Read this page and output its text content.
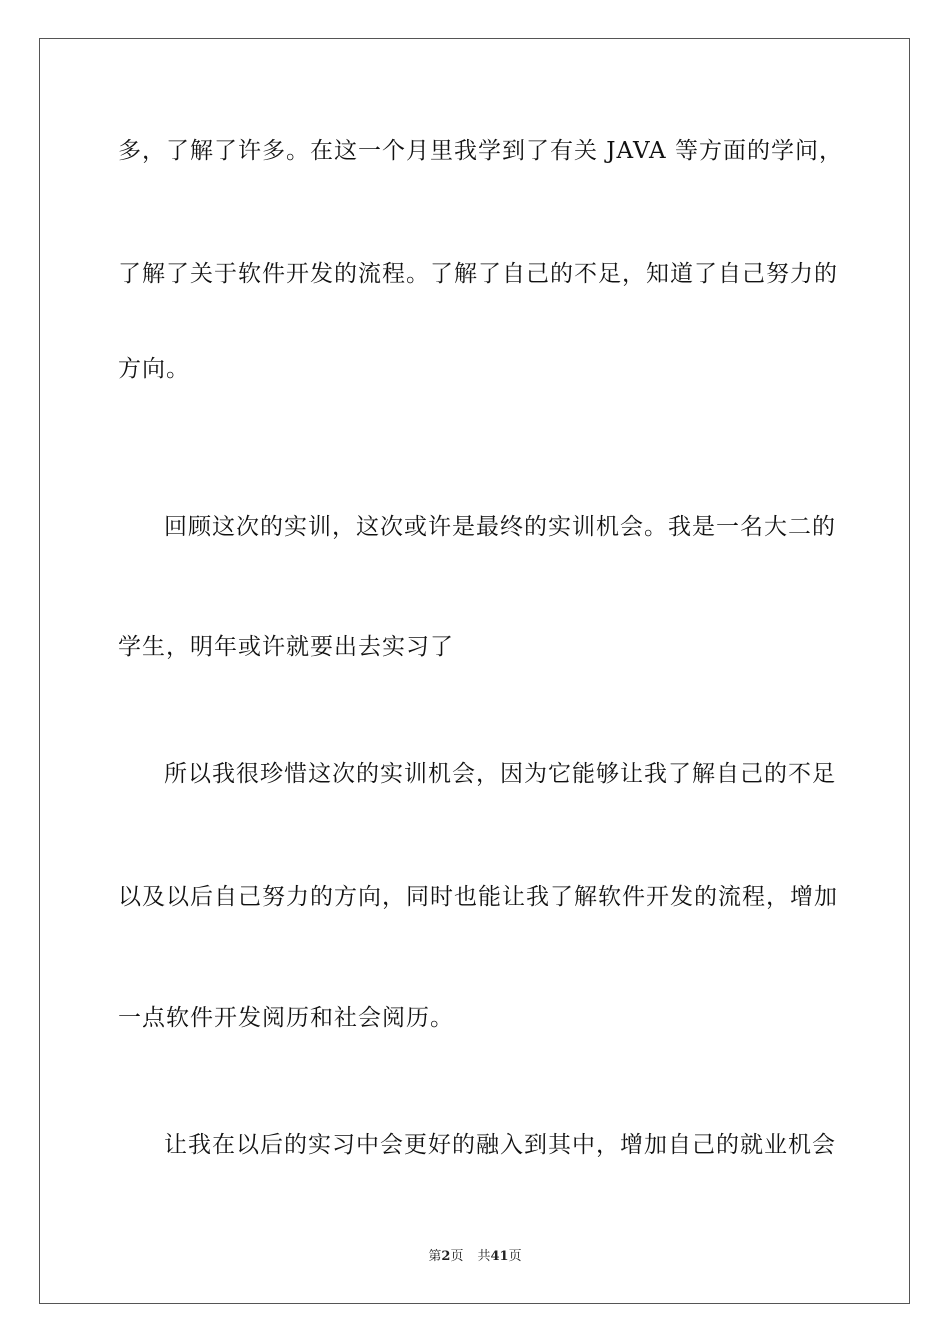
多，了解了许多。在这一个月里我学到了有关 JAVA 等方面的学问，
了解了关于软件开发的流程。了解了自己的不足，知道了自己努力的
方向。
回顾这次的实训，这次或许是最终的实训机会。我是一名大二的
学生，明年或许就要出去实习了
所以我很珍惜这次的实训机会，因为它能够让我了解自己的不足
以及以后自己努力的方向，同时也能让我了解软件开发的流程，增加
一点软件开发阅历和社会阅历。
让我在以后的实习中会更好的融入到其中，增加自己的就业机会
第2页 共41页
